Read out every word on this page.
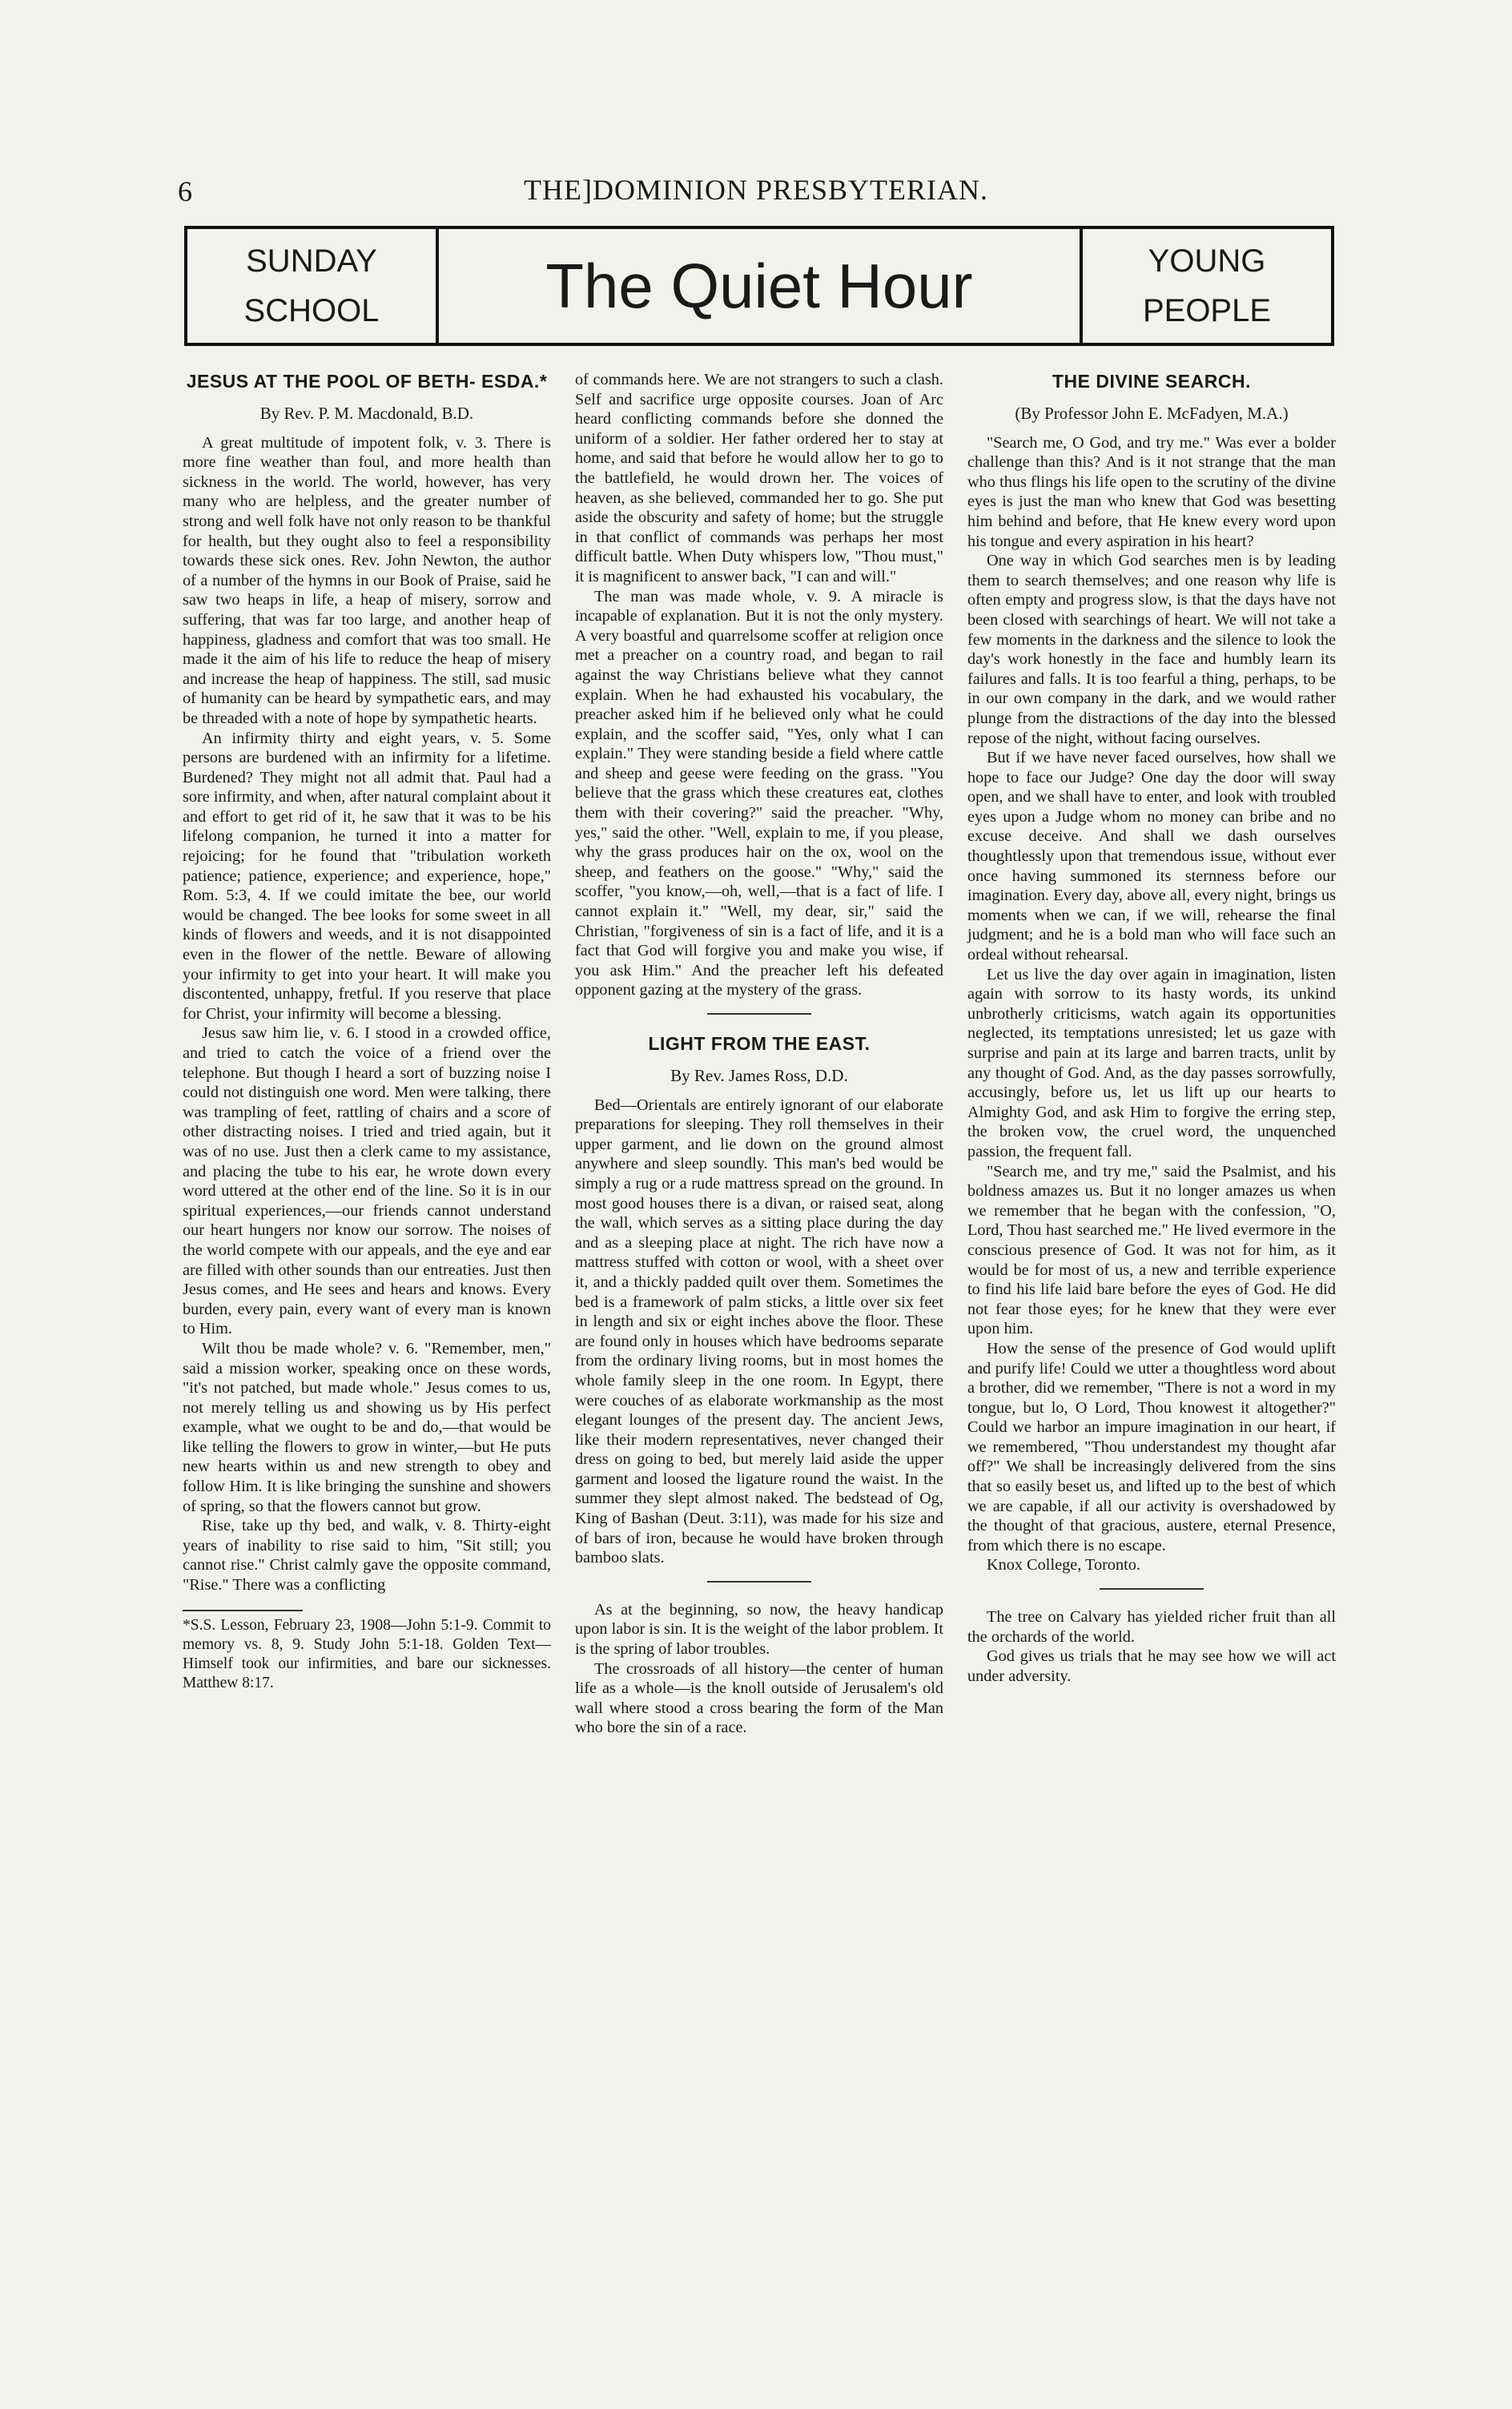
6	THE]DOMINION PRESBYTERIAN.
SUNDAY
SCHOOL	The Quiet Hour	YOUNG
PEOPLE
JESUS AT THE POOL OF BETH- ESDA.*
By Rev. P. M. Macdonald, B.D.

A great multitude of impotent folk, v. 3. There is more fine weather than foul, and more health than sickness in the world. The world, however, has very many who are helpless, and the greater number of strong and well folk have not only reason to be thankful for health, but they ought also to feel a responsibility towards these sick ones. Rev. John Newton, the author of a number of the hymns in our Book of Praise, said he saw two heaps in life, a heap of misery, sorrow and suffering, that was far too large, and another heap of happiness, gladness and comfort that was too small. He made it the aim of his life to reduce the heap of misery and increase the heap of happiness. The still, sad music of humanity can be heard by sympathetic ears, and may be threaded with a note of hope by sympathetic hearts.

An infirmity thirty and eight years, v. 5. Some persons are burdened with an infirmity for a lifetime. Burdened? They might not all admit that. Paul had a sore infirmity, and when, after natural complaint about it and effort to get rid of it, he saw that it was to be his lifelong companion, he turned it into a matter for rejoicing; for he found that "tribulation worketh patience; patience, experience; and experience, hope," Rom. 5:3, 4. If we could imitate the bee, our world would be changed. The bee looks for some sweet in all kinds of flowers and weeds, and it is not disappointed even in the flower of the nettle. Beware of allowing your infirmity to get into your heart. It will make you discontented, unhappy, fretful. If you reserve that place for Christ, your infirmity will become a blessing.

Jesus saw him lie, v. 6. I stood in a crowded office, and tried to catch the voice of a friend over the telephone. But though I heard a sort of buzzing noise I could not distinguish one word. Men were talking, there was trampling of feet, rattling of chairs and a score of other distracting noises. I tried and tried again, but it was of no use. Just then a clerk came to my assistance, and placing the tube to his ear, he wrote down every word uttered at the other end of the line. So it is in our spiritual experiences,—our friends cannot understand our heart hungers nor know our sorrow. The noises of the world compete with our appeals, and the eye and ear are filled with other sounds than our entreaties. Just then Jesus comes, and He sees and hears and knows. Every burden, every pain, every want of every man is known to Him.

Wilt thou be made whole? v. 6. "Remember, men," said a mission worker, speaking once on these words, "it's not patched, but made whole." Jesus comes to us, not merely telling us and showing us by His perfect example, what we ought to be and do,—that would be like telling the flowers to grow in winter,—but He puts new hearts within us and new strength to obey and follow Him. It is like bringing the sunshine and showers of spring, so that the flowers cannot but grow.

Rise, take up thy bed, and walk, v. 8. Thirty-eight years of inability to rise said to him, "Sit still; you cannot rise." Christ calmly gave the opposite command, "Rise." There was a conflicting

*S.S. Lesson, February 23, 1908—John 5:1-9. Commit to memory vs. 8, 9. Study John 5:1-18. Golden Text—Himself took our infirmities, and bare our sicknesses. Matthew 8:17.

of commands here. We are not strangers to such a clash. Self and sacrifice urge opposite courses. Joan of Arc heard conflicting commands before she donned the uniform of a soldier. Her father ordered her to stay at home, and said that before he would allow her to go to the battlefield, he would drown her. The voices of heaven, as she believed, commanded her to go. She put aside the obscurity and safety of home; but the struggle in that conflict of commands was perhaps her most difficult battle. When Duty whispers low, "Thou must," it is magnificent to answer back, "I can and will."

The man was made whole, v. 9. A miracle is incapable of explanation. But it is not the only mystery. A very boastful and quarrelsome scoffer at religion once met a preacher on a country road, and began to rail against the way Christians believe what they cannot explain. When he had exhausted his vocabulary, the preacher asked him if he believed only what he could explain, and the scoffer said, "Yes, only what I can explain." They were standing beside a field where cattle and sheep and geese were feeding on the grass. "You believe that the grass which these creatures eat, clothes them with their covering?" said the preacher. "Why, yes," said the other. "Well, explain to me, if you please, why the grass produces hair on the ox, wool on the sheep, and feathers on the goose." "Why," said the scoffer, "you know,—oh, well,—that is a fact of life. I cannot explain it." "Well, my dear, sir," said the Christian, "forgiveness of sin is a fact of life, and it is a fact that God will forgive you and make you wise, if you ask Him." And the preacher left his defeated opponent gazing at the mystery of the grass.

LIGHT FROM THE EAST.
By Rev. James Ross, D.D.

Bed—Orientals are entirely ignorant of our elaborate preparations for sleeping. They roll themselves in their upper garment, and lie down on the ground almost anywhere and sleep soundly. This man's bed would be simply a rug or a rude mattress spread on the ground. In most good houses there is a divan, or raised seat, along the wall, which serves as a sitting place during the day and as a sleeping place at night. The rich have now a mattress stuffed with cotton or wool, with a sheet over it, and a thickly padded quilt over them. Sometimes the bed is a framework of palm sticks, a little over six feet in length and six or eight inches above the floor. These are found only in houses which have bedrooms separate from the ordinary living rooms, but in most homes the whole family sleep in the one room. In Egypt, there were couches of as elaborate workmanship as the most elegant lounges of the present day. The ancient Jews, like their modern representatives, never changed their dress on going to bed, but merely laid aside the upper garment and loosed the ligature round the waist. In the summer they slept almost naked. The bedstead of Og, King of Bashan (Deut. 3:11), was made for his size and of bars of iron, because he would have broken through bamboo slats.

As at the beginning, so now, the heavy handicap upon labor is sin. It is the weight of the labor problem. It is the spring of labor troubles.

The crossroads of all history—the center of human life as a whole—is the knoll outside of Jerusalem's old wall where stood a cross bearing the form of the Man who bore the sin of a race.

THE DIVINE SEARCH.
(By Professor John E. McFadyen, M.A.)

"Search me, O God, and try me." Was ever a bolder challenge than this? And is it not strange that the man who thus flings his life open to the scrutiny of the divine eyes is just the man who knew that God was besetting him behind and before, that He knew every word upon his tongue and every aspiration in his heart?

One way in which God searches men is by leading them to search themselves; and one reason why life is often empty and progress slow, is that the days have not been closed with searchings of heart. We will not take a few moments in the darkness and the silence to look the day's work honestly in the face and humbly learn its failures and falls. It is too fearful a thing, perhaps, to be in our own company in the dark, and we would rather plunge from the distractions of the day into the blessed repose of the night, without facing ourselves.

But if we have never faced ourselves, how shall we hope to face our Judge? One day the door will sway open, and we shall have to enter, and look with troubled eyes upon a Judge whom no money can bribe and no excuse deceive. And shall we dash ourselves thoughtlessly upon that tremendous issue, without ever once having summoned its sternness before our imagination. Every day, above all, every night, brings us moments when we can, if we will, rehearse the final judgment; and he is a bold man who will face such an ordeal without rehearsal.

Let us live the day over again in imagination, listen again with sorrow to its hasty words, its unkind unbrotherly criticisms, watch again its opportunities neglected, its temptations unresisted; let us gaze with surprise and pain at its large and barren tracts, unlit by any thought of God. And, as the day passes sorrowfully, accusingly, before us, let us lift up our hearts to Almighty God, and ask Him to forgive the erring step, the broken vow, the cruel word, the unquenched passion, the frequent fall.

"Search me, and try me," said the Psalmist, and his boldness amazes us. But it no longer amazes us when we remember that he began with the confession, "O, Lord, Thou hast searched me." He lived evermore in the conscious presence of God. It was not for him, as it would be for most of us, a new and terrible experience to find his life laid bare before the eyes of God. He did not fear those eyes; for he knew that they were ever upon him.

How the sense of the presence of God would uplift and purify life! Could we utter a thoughtless word about a brother, did we remember, "There is not a word in my tongue, but lo, O Lord, Thou knowest it altogether?" Could we harbor an impure imagination in our heart, if we remembered, "Thou understandest my thought afar off?" We shall be increasingly delivered from the sins that so easily beset us, and lifted up to the best of which we are capable, if all our activity is overshadowed by the thought of that gracious, austere, eternal Presence, from which there is no escape.

Knox College, Toronto.

The tree on Calvary has yielded richer fruit than all the orchards of the world.

God gives us trials that he may see how we will act under adversity.
